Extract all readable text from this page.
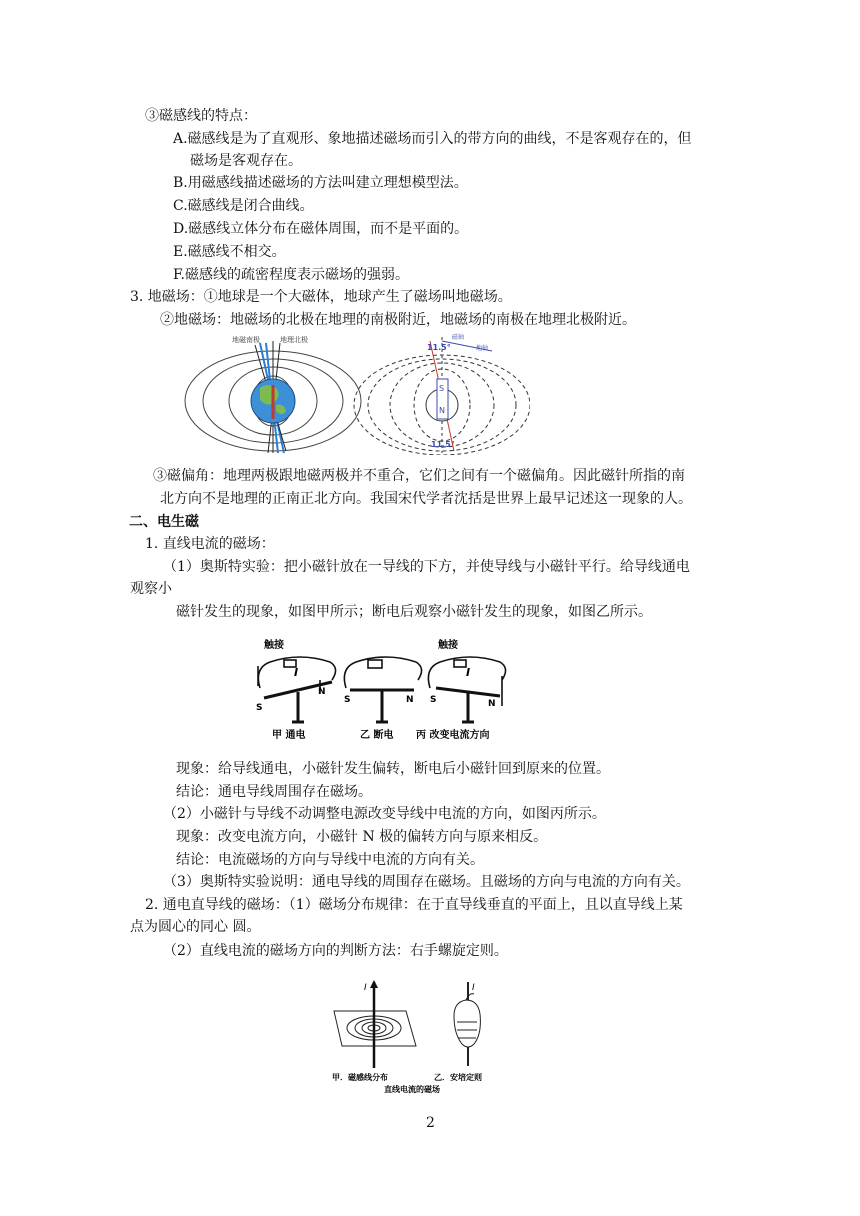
③磁感线的特点：
A.磁感线是为了直观形、象地描述磁场而引入的带方向的曲线，不是客观存在的，但
磁场是客观存在。
B.用磁感线描述磁场的方法叫建立理想模型法。
C.磁感线是闭合曲线。
D.磁感线立体分布在磁体周围，而不是平面的。
E.磁感线不相交。
F.磁感线的疏密程度表示磁场的强弱。
3. 地磁场：①地球是一个大磁体，地球产生了磁场叫地磁场。
②地磁场：地磁场的北极在地理的南极附近，地磁场的南极在地理北极附近。
地磁南极	地理北极
S
N
11.5°
11.5°
磁轴
地轴
③磁偏角：地理两极跟地磁两极并不重合，它们之间有一个磁偏角。因此磁针所指的南
北方向不是地理的正南正北方向。我国宋代学者沈括是世界上最早记述这一现象的人。
二、电生磁
1. 直线电流的磁场：
（1）奥斯特实验：把小磁针放在一导线的下方，并使导线与小磁针平行。给导线通电
观察小
磁针发生的现象，如图甲所示；断电后观察小磁针发生的现象，如图乙所示。
触接
I
S
N
甲 通电
S	N
乙 断电
触接
I
S	N
丙 改变电流方向
现象：给导线通电，小磁针发生偏转，断电后小磁针回到原来的位置。
结论：通电导线周围存在磁场。
（2）小磁针与导线不动调整电源改变导线中电流的方向，如图丙所示。
现象：改变电流方向，小磁针 N 极的偏转方向与原来相反。
结论：电流磁场的方向与导线中电流的方向有关。
（3）奥斯特实验说明：通电导线的周围存在磁场。且磁场的方向与电流的方向有关。
2. 通电直导线的磁场：（1）磁场分布规律：在于直导线垂直的平面上，且以直导线上某
点为圆心的同心 圆。
（2）直线电流的磁场方向的判断方法：右手螺旋定则。
I	I
甲．磁感线分布	乙．安培定则
直线电流的磁场
2
